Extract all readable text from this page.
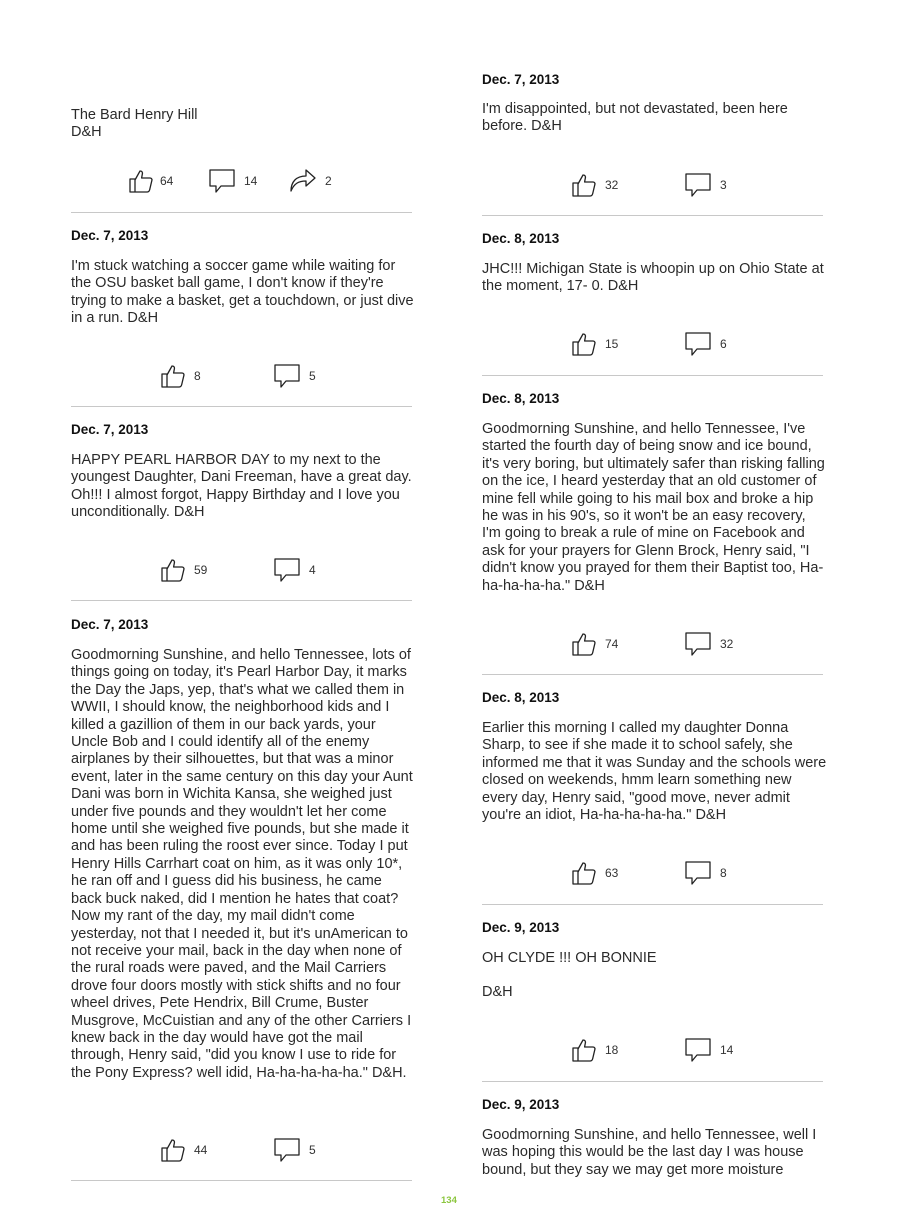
The Bard Henry Hill

D&H

64	14	2
Dec. 7, 2013

I'm stuck watching a soccer game while waiting for the OSU basket ball game, I don't know if they're trying to make a basket, get a touchdown, or just dive in a run. D&H

8	5
Dec. 7, 2013

HAPPY PEARL HARBOR DAY to my next to the youngest Daughter, Dani Freeman, have a great day. Oh!!! I almost forgot, Happy Birthday and I love you unconditionally. D&H

59	4
Dec. 7, 2013

Goodmorning Sunshine, and hello Tennessee, lots of things going on today, it's Pearl Harbor Day, it marks the Day the Japs, yep, that's what we called them in WWII, I should know, the neighborhood kids and I killed a gazillion of them in our back yards, your Uncle Bob and I could identify all of the enemy airplanes by their silhouettes, but that was a minor event, later in the same century on this day your Aunt Dani was born in Wichita Kansa, she weighed just under five pounds and they wouldn't let her come home until she weighed five pounds, but she made it and has been ruling the roost ever since. Today I put Henry Hills Carrhart coat on him, as it was only 10*, he ran off and I guess did his business, he came back buck naked, did I mention he hates that coat? Now my rant of the day, my mail didn't come yesterday, not that I needed it, but it's unAmerican to not receive your mail, back in the day when none of the rural roads were paved, and the Mail Carriers drove four doors mostly with stick shifts and no four wheel drives, Pete Hendrix, Bill Crume, Buster Musgrove, McCuistian and any of the other Carriers I knew back in the day would have got the mail through, Henry said, "did you know I use to ride for the Pony Express? well idid, Ha-ha-ha-ha-ha." D&H.

44	5
Dec. 7, 2013

I'm disappointed, but not devastated, been here before. D&H

32	3
Dec. 8, 2013

JHC!!! Michigan State is whoopin up on Ohio State at the moment, 17- 0. D&H

15	6
Dec. 8, 2013

Goodmorning Sunshine, and hello Tennessee, I've started the fourth day of being snow and ice bound, it's very boring, but ultimately safer than risking falling on the ice, I heard yesterday that an old customer of mine fell while going to his mail box and broke a hip he was in his 90's, so it won't be an easy recovery, I'm going to break a rule of mine on Facebook and ask for your prayers for Glenn Brock, Henry said, "I didn't know you prayed for them their Baptist too, Ha-ha-ha-ha-ha." D&H

74	32
Dec. 8, 2013

Earlier this morning I called my daughter Donna Sharp, to see if she made it to school safely, she informed me that it was Sunday and the schools were closed on weekends, hmm learn something new every day, Henry said, "good move, never admit you're an idiot, Ha-ha-ha-ha-ha." D&H

63	8
Dec. 9, 2013

OH CLYDE !!! OH BONNIE

D&H

18	14
Dec. 9, 2013

Goodmorning Sunshine, and hello Tennessee, well I was hoping this would be the last day I was house bound, but they say we may get more moisture

134
